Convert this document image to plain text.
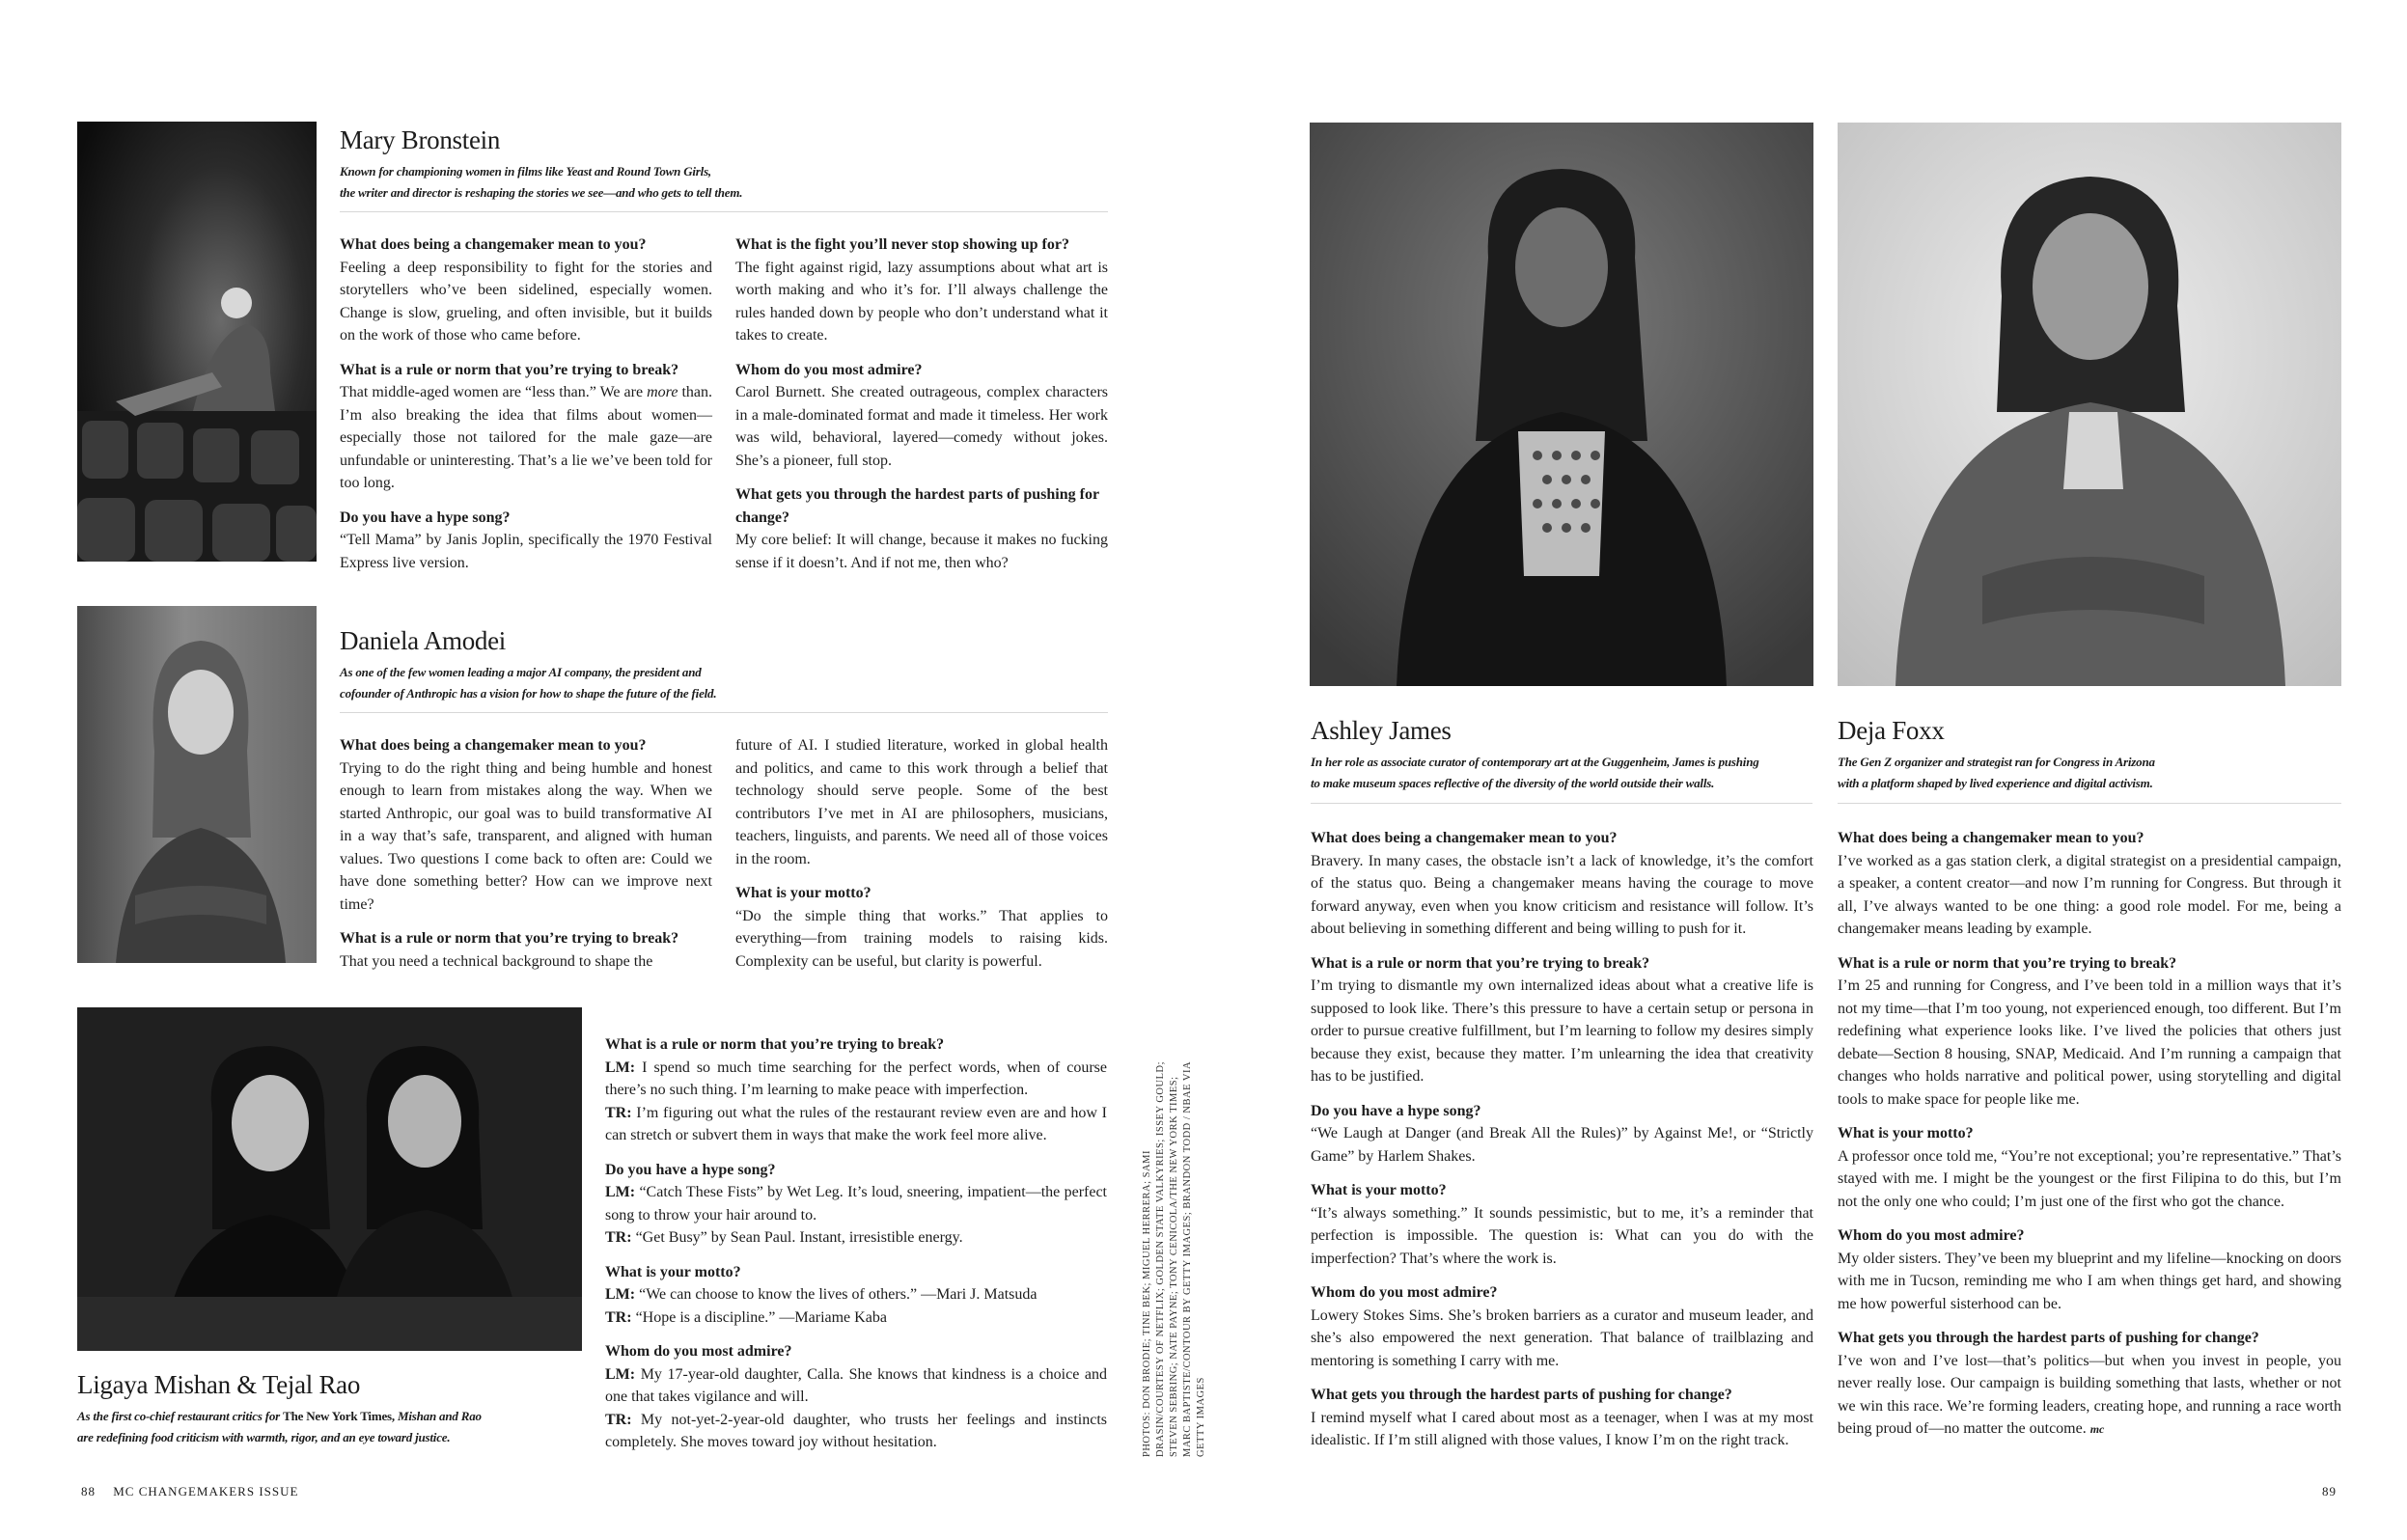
Mary Bronstein
Known for championing women in films like Yeast and Round Town Girls,
the writer and director is reshaping the stories we see—and who gets to tell them.
What does being a changemaker mean to you?
Feeling a deep responsibility to fight for the stories and storytellers who’ve been sidelined, especially women. Change is slow, grueling, and often invisible, but it builds on the work of those who came before.
What is a rule or norm that you’re trying to break?
That middle-aged women are “less than.” We are more than. I’m also breaking the idea that films about women—especially those not tailored for the male gaze—are unfundable or uninteresting. That’s a lie we’ve been told for too long.
Do you have a hype song?
“Tell Mama” by Janis Joplin, specifically the 1970 Festival Express live version.
What is the fight you’ll never stop showing up for?
The fight against rigid, lazy assumptions about what art is worth making and who it’s for. I’ll always challenge the rules handed down by people who don’t understand what it takes to create.
Whom do you most admire?
Carol Burnett. She created outrageous, complex characters in a male-dominated format and made it timeless. Her work was wild, behavioral, layered—comedy without jokes. She’s a pioneer, full stop.
What gets you through the hardest parts of pushing for change?
My core belief: It will change, because it makes no fucking sense if it doesn’t. And if not me, then who?
Daniela Amodei
As one of the few women leading a major AI company, the president and
cofounder of Anthropic has a vision for how to shape the future of the field.
What does being a changemaker mean to you?
Trying to do the right thing and being humble and honest enough to learn from mistakes along the way. When we started Anthropic, our goal was to build transformative AI in a way that’s safe, transparent, and aligned with human values. Two questions I come back to often are: Could we have done something better? How can we improve next time?
What is a rule or norm that you’re trying to break?
That you need a technical background to shape the
future of AI. I studied literature, worked in global health and politics, and came to this work through a belief that technology should serve people. Some of the best contributors I’ve met in AI are philosophers, musicians, teachers, linguists, and parents. We need all of those voices in the room.
What is your motto?
“Do the simple thing that works.” That applies to everything—from training models to raising kids. Complexity can be useful, but clarity is powerful.
Ligaya Mishan & Tejal Rao
As the first co-chief restaurant critics for The New York Times, Mishan and Rao
are redefining food criticism with warmth, rigor, and an eye toward justice.
What is a rule or norm that you’re trying to break?
LM: I spend so much time searching for the perfect words, when of course there’s no such thing. I’m learning to make peace with imperfection.
TR: I’m figuring out what the rules of the restaurant review even are and how I can stretch or subvert them in ways that make the work feel more alive.
Do you have a hype song?
LM: “Catch These Fists” by Wet Leg. It’s loud, sneering, impatient—the perfect song to throw your hair around to.
TR: “Get Busy” by Sean Paul. Instant, irresistible energy.
What is your motto?
LM: “We can choose to know the lives of others.” —Mari J. Matsuda
TR: “Hope is a discipline.” —Mariame Kaba
Whom do you most admire?
LM: My 17-year-old daughter, Calla. She knows that kindness is a choice and one that takes vigilance and will.
TR: My not-yet-2-year-old daughter, who trusts her feelings and instincts completely. She moves toward joy without hesitation.	PHOTOS: DON BRODIE; TINE BEK; MIGUEL HERRERA; SAMI DRASIN/COURTESY OF NETFLIX; GOLDEN STATE VALKYRIES; ISSEY GOULD; STEVEN SEBRING; NATE PAYNE; TONY CENICOLA/THE NEW YORK TIMES; MARC BAPTISTE/CONTOUR BY GETTY IMAGES; BRANDON TODD / NBAE VIA GETTY IMAGES
88 MC CHANGEMAKERS ISSUE	89
Ashley James
In her role as associate curator of contemporary art at the Guggenheim, James is pushing
to make museum spaces reflective of the diversity of the world outside their walls.
What does being a changemaker mean to you?
Bravery. In many cases, the obstacle isn’t a lack of knowledge, it’s the comfort of the status quo. Being a changemaker means having the courage to move forward anyway, even when you know criticism and resistance will follow. It’s about believing in something different and being willing to push for it.
What is a rule or norm that you’re trying to break?
I’m trying to dismantle my own internalized ideas about what a creative life is supposed to look like. There’s this pressure to have a certain setup or persona in order to pursue creative fulfillment, but I’m learning to follow my desires simply because they exist, because they matter. I’m unlearning the idea that creativity has to be justified.
Do you have a hype song?
“We Laugh at Danger (and Break All the Rules)” by Against Me!, or “Strictly Game” by Harlem Shakes.
What is your motto?
“It’s always something.” It sounds pessimistic, but to me, it’s a reminder that perfection is impossible. The question is: What can you do with the imperfection? That’s where the work is.
Whom do you most admire?
Lowery Stokes Sims. She’s broken barriers as a curator and museum leader, and she’s also empowered the next generation. That balance of trailblazing and mentoring is something I carry with me.
What gets you through the hardest parts of pushing for change?
I remind myself what I cared about most as a teenager, when I was at my most idealistic. If I’m still aligned with those values, I know I’m on the right track.
Deja Foxx
The Gen Z organizer and strategist ran for Congress in Arizona
with a platform shaped by lived experience and digital activism.
What does being a changemaker mean to you?
I’ve worked as a gas station clerk, a digital strategist on a presidential campaign, a speaker, a content creator—and now I’m running for Congress. But through it all, I’ve always wanted to be one thing: a good role model. For me, being a changemaker means leading by example.
What is a rule or norm that you’re trying to break?
I’m 25 and running for Congress, and I’ve been told in a million ways that it’s not my time—that I’m too young, not experienced enough, too different. But I’m redefining what experience looks like. I’ve lived the policies that others just debate—Section 8 housing, SNAP, Medicaid. And I’m running a campaign that changes who holds narrative and political power, using storytelling and digital tools to make space for people like me.
What is your motto?
A professor once told me, “You’re not exceptional; you’re representative.” That’s stayed with me. I might be the youngest or the first Filipina to do this, but I’m not the only one who could; I’m just one of the first who got the chance.
Whom do you most admire?
My older sisters. They’ve been my blueprint and my lifeline—knocking on doors with me in Tucson, reminding me who I am when things get hard, and showing me how powerful sisterhood can be.
What gets you through the hardest parts of pushing for change?
I’ve won and I’ve lost—that’s politics—but when you invest in people, you never really lose. Our campaign is building something that lasts, whether or not we win this race. We’re forming leaders, creating hope, and running a race worth being proud of—no matter the outcome. mc
